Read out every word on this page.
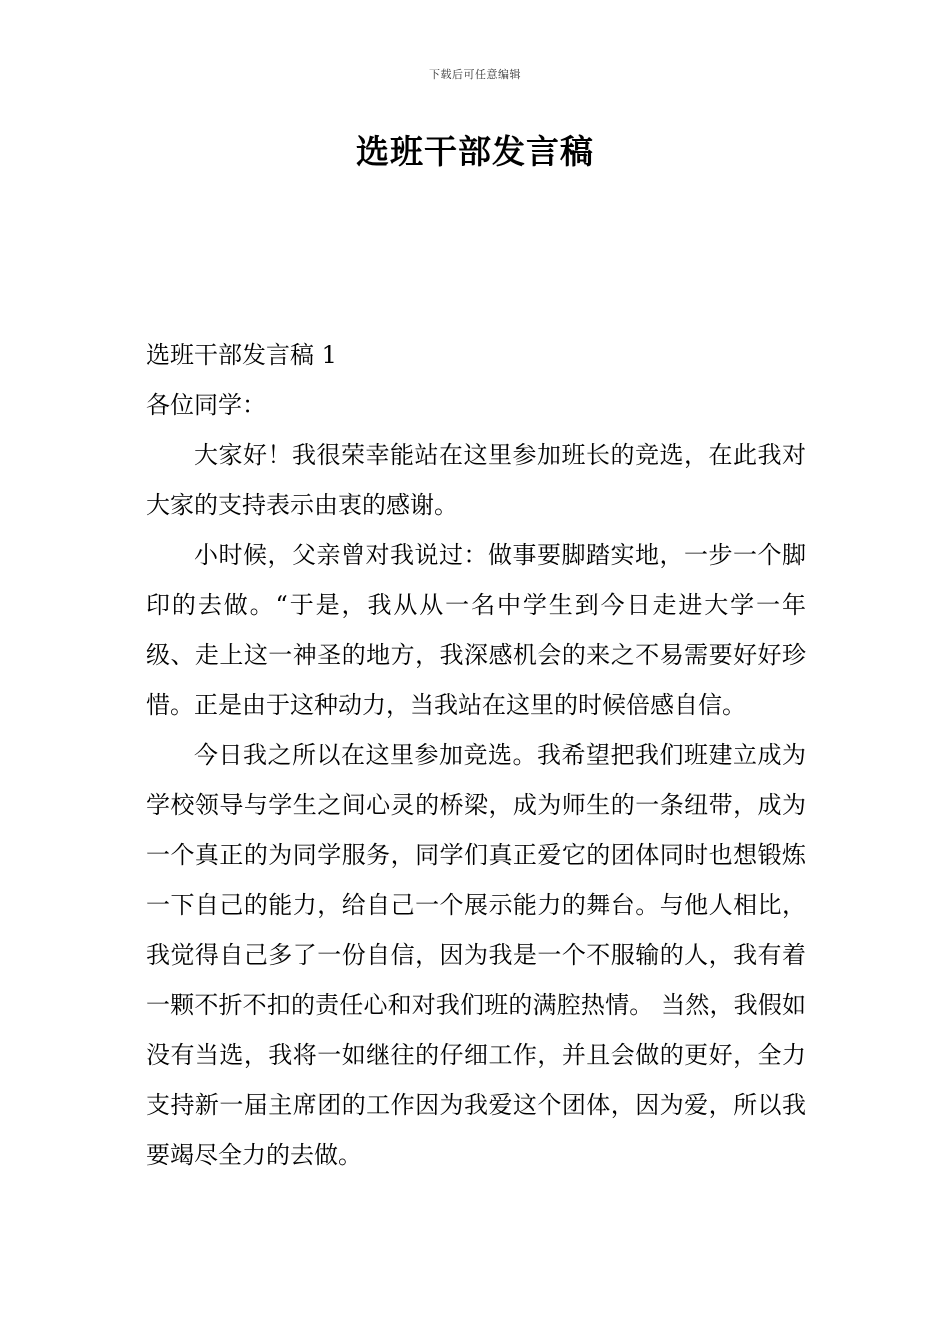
下载后可任意编辑
选班干部发言稿

选班干部发言稿 1

各位同学：

大家好！我很荣幸能站在这里参加班长的竞选，在此我对大家的支持表示由衷的感谢。

小时候，父亲曾对我说过：做事要脚踏实地，一步一个脚印的去做。“于是，我从从一名中学生到今日走进大学一年级、走上这一神圣的地方，我深感机会的来之不易需要好好珍惜。正是由于这种动力，当我站在这里的时候倍感自信。

今日我之所以在这里参加竞选。我希望把我们班建立成为学校领导与学生之间心灵的桥梁，成为师生的一条纽带，成为一个真正的为同学服务，同学们真正爱它的团体同时也想锻炼一下自己的能力，给自己一个展示能力的舞台。与他人相比，我觉得自己多了一份自信，因为我是一个不服输的人，我有着一颗不折不扣的责任心和对我们班的满腔热情。 当然，我假如没有当选，我将一如继往的仔细工作，并且会做的更好，全力支持新一届主席团的工作因为我爱这个团体，因为爱，所以我要竭尽全力的去做。
